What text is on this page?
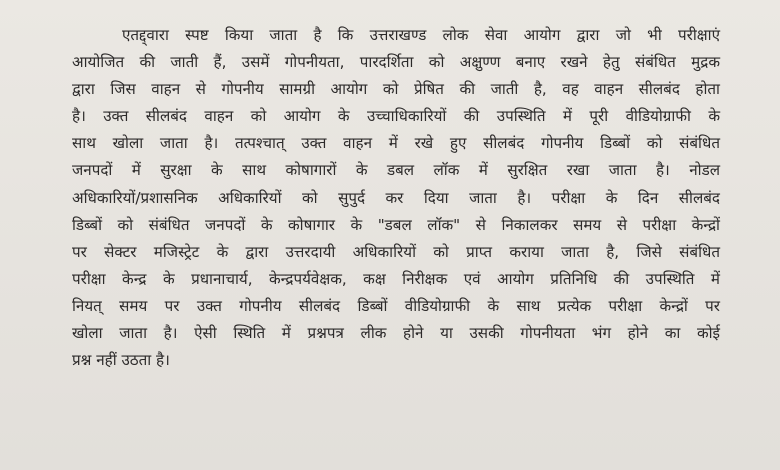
एतद्द्वारा स्पष्ट किया जाता है कि उत्तराखण्ड लोक सेवा आयोग द्वारा जो भी परीक्षाएं
आयोजित की जाती हैं, उसमें गोपनीयता, पारदर्शिता को अक्षुण्ण बनाए रखने हेतु संबंधित मुद्रक
द्वारा जिस वाहन से गोपनीय सामग्री आयोग को प्रेषित की जाती है, वह वाहन सीलबंद होता
है। उक्त सीलबंद वाहन को आयोग के उच्चाधिकारियों की उपस्थिति में पूरी वीडियोग्राफी के
साथ खोला जाता है। तत्पश्चात् उक्त वाहन में रखे हुए सीलबंद गोपनीय डिब्बों को संबंधित
जनपदों में सुरक्षा के साथ कोषागारों के डबल लॉक में सुरक्षित रखा जाता है। नोडल
अधिकारियों/प्रशासनिक अधिकारियों को सुपुर्द कर दिया जाता है। परीक्षा के दिन सीलबंद
डिब्बों को संबंधित जनपदों के कोषागार के "डबल लॉक" से निकालकर समय से परीक्षा केन्द्रों
पर सेक्टर मजिस्ट्रेट के द्वारा उत्तरदायी अधिकारियों को प्राप्त कराया जाता है, जिसे संबंधित
परीक्षा केन्द्र के प्रधानाचार्य, केन्द्रपर्यवेक्षक, कक्ष निरीक्षक एवं आयोग प्रतिनिधि की उपस्थिति में
नियत् समय पर उक्त गोपनीय सीलबंद डिब्बों वीडियोग्राफी के साथ प्रत्येक परीक्षा केन्द्रों पर
खोला जाता है। ऐसी स्थिति में प्रश्नपत्र लीक होने या उसकी गोपनीयता भंग होने का कोई
प्रश्न नहीं उठता है।
